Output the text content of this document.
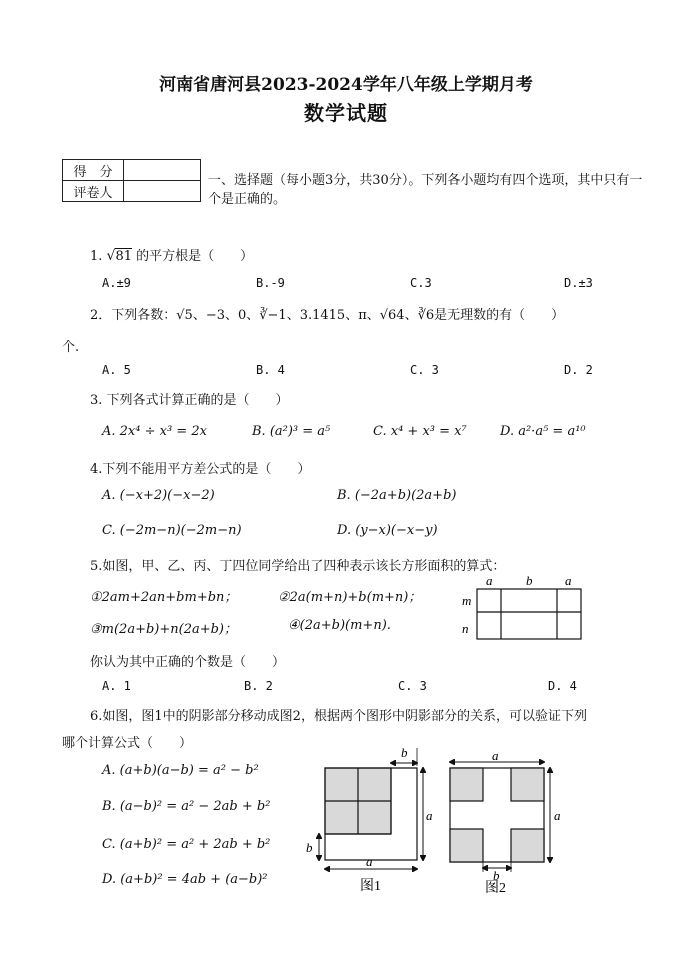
河南省唐河县2023-2024学年八年级上学期月考
数学试题
得　分	
评卷人	
一、选择题（每小题3分，共30分）。下列各小题均有四个选项，其中只有一个是正确的。
1. √81 的平方根是（　　）
A.±9	B.-9	C.3	D.±3
2．下列各数：√5、−3、0、∛−1、3.1415、π、√64、∛6是无理数的有（　　）
个.
A. 5	B. 4	C. 3	D. 2
3. 下列各式计算正确的是（　　）
A. 2x⁴ ÷ x³ = 2x	B. (a²)³ = a⁵	C. x⁴ + x³ = x⁷	D. a²·a⁵ = a¹⁰
4.下列不能用平方差公式的是（　　）
A. (−x+2)(−x−2)	B. (−2a+b)(2a+b)
C. (−2m−n)(−2m−n)	D. (y−x)(−x−y)
5.如图，甲、乙、丙、丁四位同学给出了四种表示该长方形面积的算式：
①2am+2an+bm+bn；	②2a(m+n)+b(m+n)；
③m(2a+b)+n(2a+b)；	④(2a+b)(m+n).
你认为其中正确的个数是（　　）
A. 1	B. 2	C. 3	D. 4
a	b	a
m
n
6.如图，图1中的阴影部分移动成图2，根据两个图形中阴影部分的关系，可以验证下列
哪个计算公式（　　）
A. (a+b)(a−b) = a² − b²
B. (a−b)² = a² − 2ab + b²
C. (a+b)² = a² + 2ab + b²
D. (a+b)² = 4ab + (a−b)²
b
a
a
b
图1
a
a
b
图2
